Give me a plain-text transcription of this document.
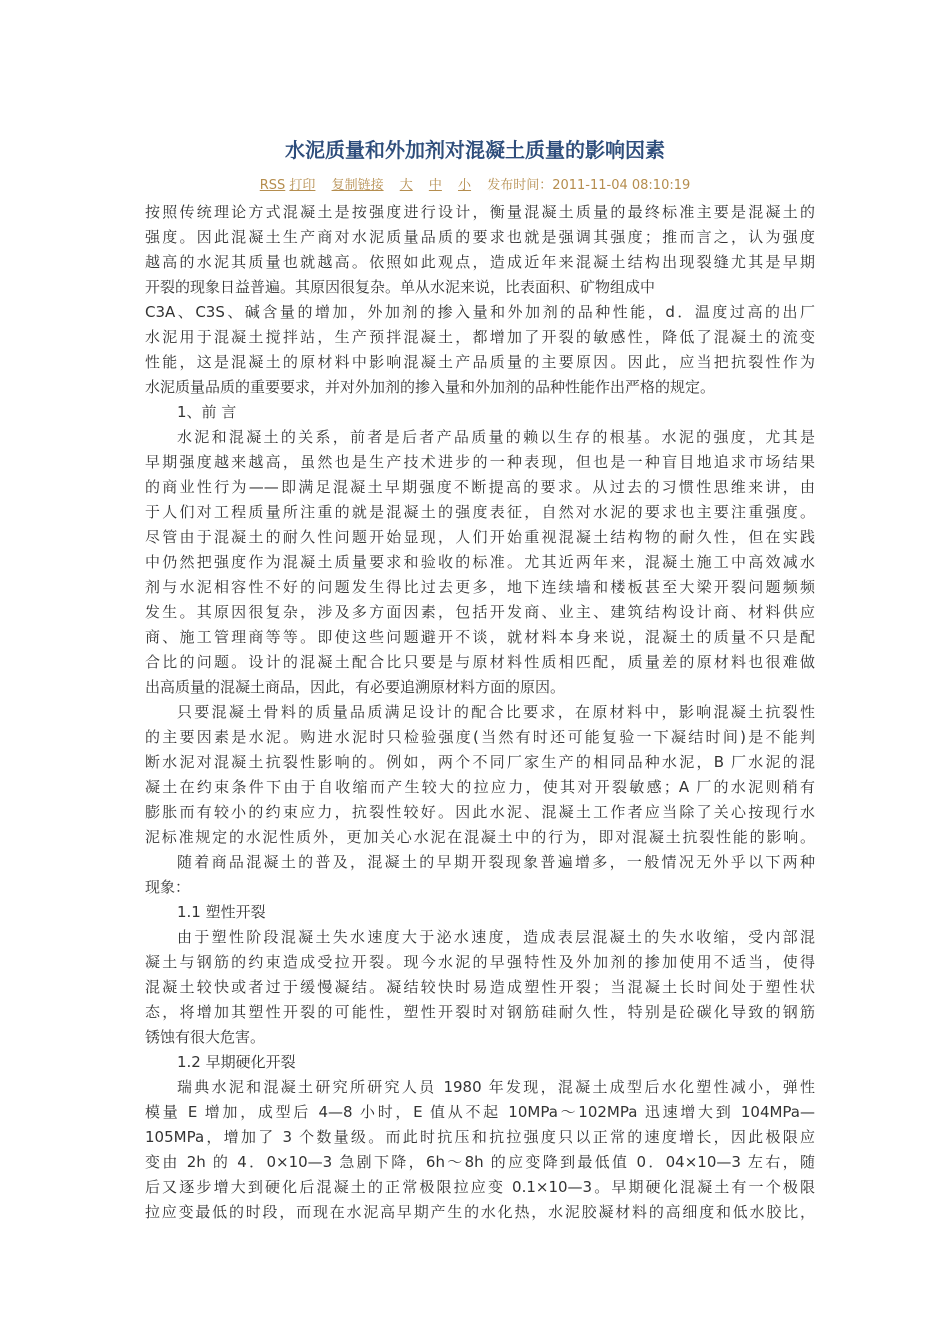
水泥质量和外加剂对混凝土质量的影响因素
RSS 打印 复制链接 大 中 小 发布时间：2011-11-04 08:10:19
按照传统理论方式混凝土是按强度进行设计，衡量混凝土质量的最终标准主要是混凝土的
强度。因此混凝土生产商对水泥质量品质的要求也就是强调其强度；推而言之，认为强度
越高的水泥其质量也就越高。依照如此观点，造成近年来混凝土结构出现裂缝尤其是早期
开裂的现象日益普遍。其原因很复杂。单从水泥来说，比表面积、矿物组成中
C3A、C3S、碱含量的增加，外加剂的掺入量和外加剂的品种性能，d．温度过高的出厂
水泥用于混凝土搅拌站，生产预拌混凝土，都增加了开裂的敏感性，降低了混凝土的流变
性能，这是混凝土的原材料中影响混凝土产品质量的主要原因。因此，应当把抗裂性作为
水泥质量品质的重要要求，并对外加剂的掺入量和外加剂的品种性能作出严格的规定。
1、前 言
水泥和混凝土的关系，前者是后者产品质量的赖以生存的根基。水泥的强度，尤其是
早期强度越来越高，虽然也是生产技术进步的一种表现，但也是一种盲目地追求市场结果
的商业性行为——即满足混凝土早期强度不断提高的要求。从过去的习惯性思维来讲，由
于人们对工程质量所注重的就是混凝土的强度表征，自然对水泥的要求也主要注重强度。
尽管由于混凝土的耐久性问题开始显现，人们开始重视混凝土结构物的耐久性，但在实践
中仍然把强度作为混凝土质量要求和验收的标准。尤其近两年来，混凝土施工中高效减水
剂与水泥相容性不好的问题发生得比过去更多，地下连续墙和楼板甚至大梁开裂问题频频
发生。其原因很复杂，涉及多方面因素，包括开发商、业主、建筑结构设计商、材料供应
商、施工管理商等等。即使这些问题避开不谈，就材料本身来说，混凝土的质量不只是配
合比的问题。设计的混凝土配合比只要是与原材料性质相匹配，质量差的原材料也很难做
出高质量的混凝土商品，因此，有必要追溯原材料方面的原因。
只要混凝土骨料的质量品质满足设计的配合比要求，在原材料中，影响混凝土抗裂性
的主要因素是水泥。购进水泥时只检验强度(当然有时还可能复验一下凝结时间)是不能判
断水泥对混凝土抗裂性影响的。例如，两个不同厂家生产的相同品种水泥，B 厂水泥的混
凝土在约束条件下由于自收缩而产生较大的拉应力，使其对开裂敏感；A 厂的水泥则稍有
膨胀而有较小的约束应力，抗裂性较好。因此水泥、混凝土工作者应当除了关心按现行水
泥标准规定的水泥性质外，更加关心水泥在混凝土中的行为，即对混凝土抗裂性能的影响。
随着商品混凝土的普及，混凝土的早期开裂现象普遍增多，一般情况无外乎以下两种
现象：
1.1 塑性开裂
由于塑性阶段混凝土失水速度大于泌水速度，造成表层混凝土的失水收缩，受内部混
凝土与钢筋的约束造成受拉开裂。现今水泥的早强特性及外加剂的掺加使用不适当，使得
混凝土较快或者过于缓慢凝结。凝结较快时易造成塑性开裂；当混凝土长时间处于塑性状
态，将增加其塑性开裂的可能性，塑性开裂时对钢筋硅耐久性，特别是砼碳化导致的钢筋
锈蚀有很大危害。
1.2 早期硬化开裂
瑞典水泥和混凝土研究所研究人员 1980 年发现，混凝土成型后水化塑性减小，弹性
模量 E 增加，成型后 4—8 小时，E 值从不起 10MPa～102MPa 迅速增大到 104MPa—
105MPa，增加了 3 个数量级。而此时抗压和抗拉强度只以正常的速度增长，因此极限应
变由 2h 的 4．0×10—3 急剧下降，6h～8h 的应变降到最低值 0．04×10—3 左右，随
后又逐步增大到硬化后混凝土的正常极限拉应变 0.1×10—3。早期硬化混凝土有一个极限
拉应变最低的时段，而现在水泥高早期产生的水化热，水泥胶凝材料的高细度和低水胶比，
